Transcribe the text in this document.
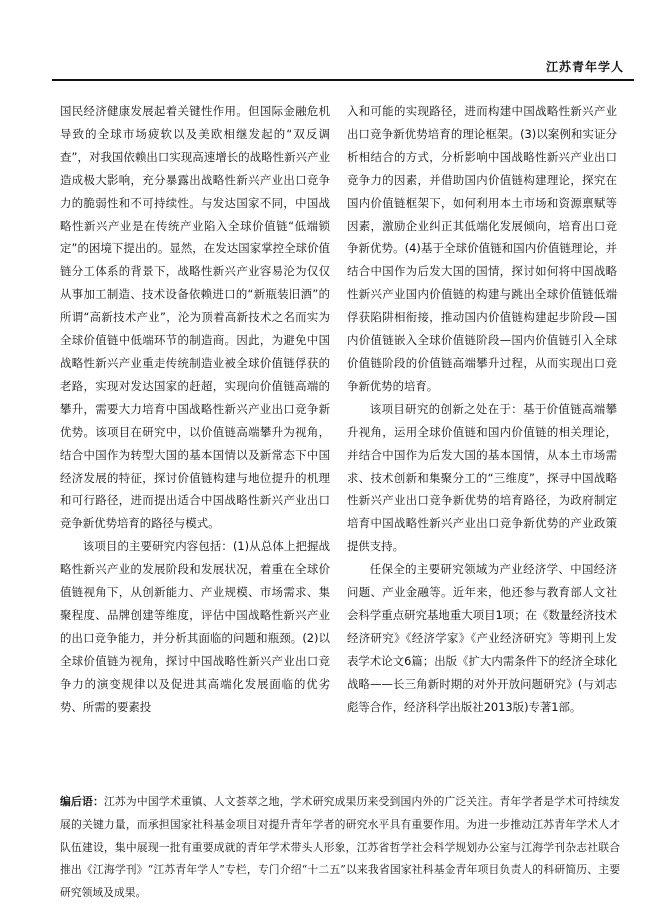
江苏青年学人

国民经济健康发展起着关键性作用。但国际金融危机导致的全球市场疲软以及美欧相继发起的“双反调查”，对我国依赖出口实现高速增长的战略性新兴产业造成极大影响，充分暴露出战略性新兴产业出口竞争力的脆弱性和不可持续性。与发达国家不同，中国战略性新兴产业是在传统产业陷入全球价值链“低端锁定”的困境下提出的。显然，在发达国家掌控全球价值链分工体系的背景下，战略性新兴产业容易沦为仅仅从事加工制造、技术设备依赖进口的“新瓶装旧酒”的所谓“高新技术产业”，沦为顶着高新技术之名而实为全球价值链中低端环节的制造商。因此，为避免中国战略性新兴产业重走传统制造业被全球价值链俘获的老路，实现对发达国家的赶超，实现向价值链高端的攀升，需要大力培育中国战略性新兴产业出口竞争新优势。该项目在研究中，以价值链高端攀升为视角，结合中国作为转型大国的基本国情以及新常态下中国经济发展的特征，探讨价值链构建与地位提升的机理和可行路径，进而提出适合中国战略性新兴产业出口竞争新优势培育的路径与模式。

该项目的主要研究内容包括：(1)从总体上把握战略性新兴产业的发展阶段和发展状况，着重在全球价值链视角下，从创新能力、产业规模、市场需求、集聚程度、品牌创建等维度，评估中国战略性新兴产业的出口竞争能力，并分析其面临的问题和瓶颈。(2)以全球价值链为视角，探讨中国战略性新兴产业出口竞争力的演变规律以及促进其高端化发展面临的优劣势、所需的要素投

入和可能的实现路径，进而构建中国战略性新兴产业出口竞争新优势培育的理论框架。(3)以案例和实证分析相结合的方式，分析影响中国战略性新兴产业出口竞争力的因素，并借助国内价值链构建理论，探究在国内价值链框架下，如何利用本土市场和资源禀赋等因素，激励企业纠正其低端化发展倾向，培育出口竞争新优势。(4)基于全球价值链和国内价值链理论，并结合中国作为后发大国的国情，探讨如何将中国战略性新兴产业国内价值链的构建与跳出全球价值链低端俘获陷阱相衔接，推动国内价值链构建起步阶段—国内价值链嵌入全球价值链阶段—国内价值链引入全球价值链阶段的价值链高端攀升过程，从而实现出口竞争新优势的培育。

该项目研究的创新之处在于：基于价值链高端攀升视角，运用全球价值链和国内价值链的相关理论，并结合中国作为后发大国的基本国情，从本土市场需求、技术创新和集聚分工的“三维度”，探寻中国战略性新兴产业出口竞争新优势的培育路径，为政府制定培育中国战略性新兴产业出口竞争新优势的产业政策提供支持。

任保全的主要研究领域为产业经济学、中国经济问题、产业金融等。近年来，他还参与教育部人文社会科学重点研究基地重大项目1项；在《数量经济技术经济研究》《经济学家》《产业经济研究》等期刊上发表学术论文6篇；出版《扩大内需条件下的经济全球化战略——长三角新时期的对外开放问题研究》(与刘志彪等合作，经济科学出版社2013版)专著1部。

编后语：江苏为中国学术重镇、人文荟萃之地，学术研究成果历来受到国内外的广泛关注。青年学者是学术可持续发展的关键力量，而承担国家社科基金项目对提升青年学者的研究水平具有重要作用。为进一步推动江苏青年学术人才队伍建设，集中展现一批有重要成就的青年学术带头人形象，江苏省哲学社会科学规划办公室与江海学刊杂志社联合推出《江海学刊》“江苏青年学人”专栏，专门介绍“十二五”以来我省国家社科基金青年项目负责人的科研简历、主要研究领域及成果。
